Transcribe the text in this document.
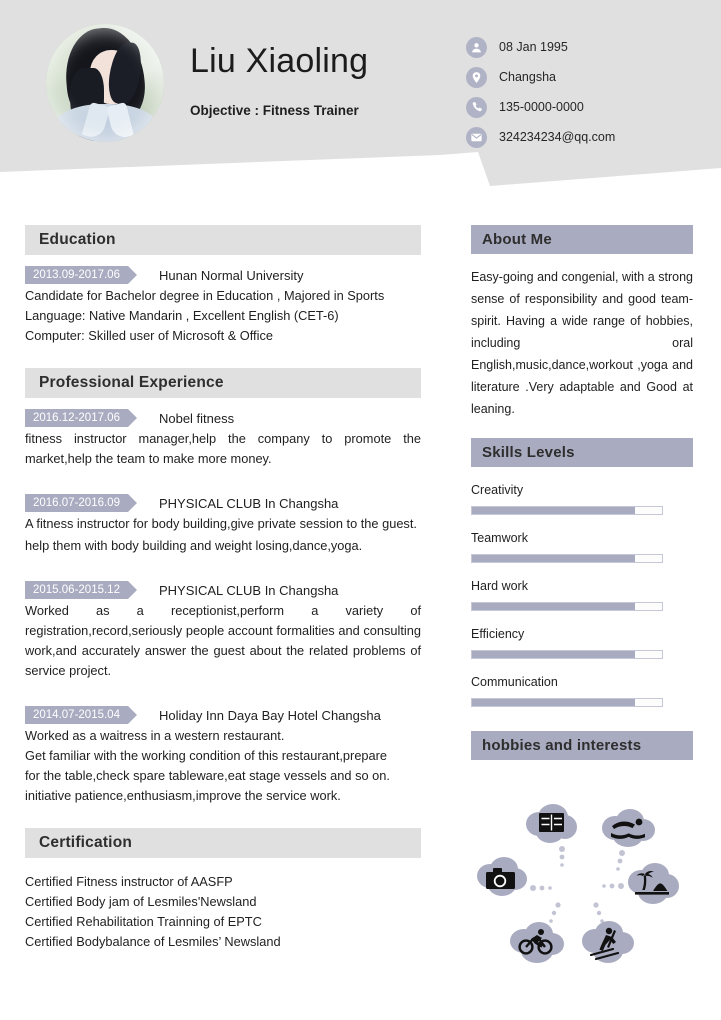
Liu Xiaoling
Objective : Fitness Trainer
08 Jan 1995
Changsha
135-0000-0000
324234234@qq.com
Education
2013.09-2017.06	Hunan Normal University
Candidate for Bachelor degree in Education , Majored in Sports
Language: Native Mandarin , Excellent English (CET-6)
Computer: Skilled user of Microsoft & Office
Professional Experience
2016.12-2017.06	Nobel fitness
fitness instructor manager,help the company to promote the market,help the team to make more money.
2016.07-2016.09	PHYSICAL CLUB In Changsha
A fitness instructor for body building,give private session to the guest.
help them with body building and weight losing,dance,yoga.
2015.06-2015.12	PHYSICAL CLUB In Changsha
Worked as a receptionist,perform a variety of registration,record,seriously people account formalities and consulting work,and accurately answer the guest about the related problems of service project.
2014.07-2015.04	Holiday Inn Daya Bay Hotel Changsha
Worked as a waitress in a western restaurant.
Get familiar with the working condition of this restaurant,prepare
for the table,check spare tableware,eat stage vessels and so on.
initiative patience,enthusiasm,improve the service work.
Certification
Certified Fitness instructor of AASFP
Certified Body jam of Lesmiles'Newsland
Certified Rehabilitation Trainning of EPTC
Certified Bodybalance of Lesmiles’ Newsland
About Me
Easy-going and congenial, with a strong sense of responsibility and good team-spirit. Having a wide range of hobbies, including oral English,music,dance,workout ,yoga and literature .Very adaptable and Good at leaning.
Skills Levels
Creativity
Teamwork
Hard work
Efficiency
Communication
hobbies and interests
